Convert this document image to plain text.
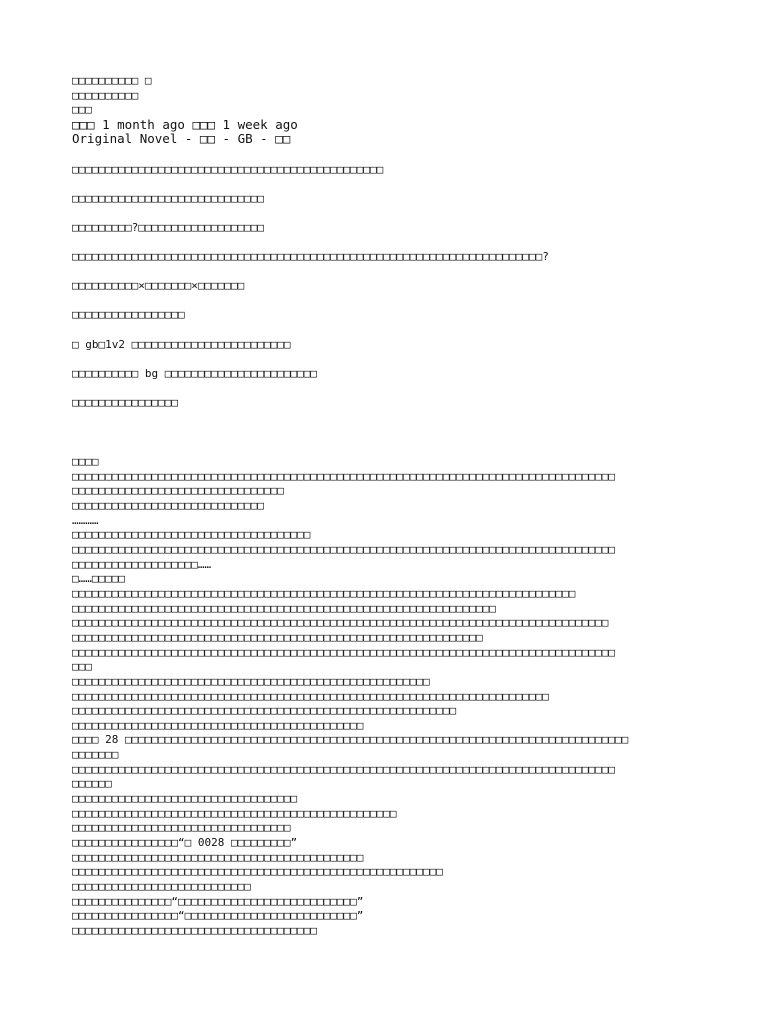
□□□□□□□□□□ □
□□□□□□□□□□
□□□
□□□ 1 month ago □□□ 1 week ago
Original Novel - □□ - GB - □□

□□□□□□□□□□□□□□□□□□□□□□□□□□□□□□□□□□□□□□□□□□□□□□□

□□□□□□□□□□□□□□□□□□□□□□□□□□□□□

□□□□□□□□□?□□□□□□□□□□□□□□□□□□□

□□□□□□□□□□□□□□□□□□□□□□□□□□□□□□□□□□□□□□□□□□□□□□□□□□□□□□□□□□□□□□□□□□□□□□□?

□□□□□□□□□□×□□□□□□□×□□□□□□□

□□□□□□□□□□□□□□□□□

□ gb□1v2 □□□□□□□□□□□□□□□□□□□□□□□□

□□□□□□□□□□ bg □□□□□□□□□□□□□□□□□□□□□□□

□□□□□□□□□□□□□□□□

□□□□
□□□□□□□□□□□□□□□□□□□□□□□□□□□□□□□□□□□□□□□□□□□□□□□□□□□□□□□□□□□□□□□□□□□□□□□□□□□□□□□□□□
□□□□□□□□□□□□□□□□□□□□□□□□□□□□□□□□
□□□□□□□□□□□□□□□□□□□□□□□□□□□□□
…………
□□□□□□□□□□□□□□□□□□□□□□□□□□□□□□□□□□□□
□□□□□□□□□□□□□□□□□□□□□□□□□□□□□□□□□□□□□□□□□□□□□□□□□□□□□□□□□□□□□□□□□□□□□□□□□□□□□□□□□□
□□□□□□□□□□□□□□□□□□□……
□……□□□□□
□□□□□□□□□□□□□□□□□□□□□□□□□□□□□□□□□□□□□□□□□□□□□□□□□□□□□□□□□□□□□□□□□□□□□□□□□□□□
□□□□□□□□□□□□□□□□□□□□□□□□□□□□□□□□□□□□□□□□□□□□□□□□□□□□□□□□□□□□□□□□
□□□□□□□□□□□□□□□□□□□□□□□□□□□□□□□□□□□□□□□□□□□□□□□□□□□□□□□□□□□□□□□□□□□□□□□□□□□□□□□□□
□□□□□□□□□□□□□□□□□□□□□□□□□□□□□□□□□□□□□□□□□□□□□□□□□□□□□□□□□□□□□□
□□□□□□□□□□□□□□□□□□□□□□□□□□□□□□□□□□□□□□□□□□□□□□□□□□□□□□□□□□□□□□□□□□□□□□□□□□□□□□□□□□
□□□
□□□□□□□□□□□□□□□□□□□□□□□□□□□□□□□□□□□□□□□□□□□□□□□□□□□□□□
□□□□□□□□□□□□□□□□□□□□□□□□□□□□□□□□□□□□□□□□□□□□□□□□□□□□□□□□□□□□□□□□□□□□□□□□
□□□□□□□□□□□□□□□□□□□□□□□□□□□□□□□□□□□□□□□□□□□□□□□□□□□□□□□□□□
□□□□□□□□□□□□□□□□□□□□□□□□□□□□□□□□□□□□□□□□□□□□
□□□□ 28 □□□□□□□□□□□□□□□□□□□□□□□□□□□□□□□□□□□□□□□□□□□□□□□□□□□□□□□□□□□□□□□□□□□□□□□□□□□□
□□□□□□□
□□□□□□□□□□□□□□□□□□□□□□□□□□□□□□□□□□□□□□□□□□□□□□□□□□□□□□□□□□□□□□□□□□□□□□□□□□□□□□□□□□
□□□□□□
□□□□□□□□□□□□□□□□□□□□□□□□□□□□□□□□□□
□□□□□□□□□□□□□□□□□□□□□□□□□□□□□□□□□□□□□□□□□□□□□□□□□
□□□□□□□□□□□□□□□□□□□□□□□□□□□□□□□□□
□□□□□□□□□□□□□□□□“□ 0028 □□□□□□□□□”
□□□□□□□□□□□□□□□□□□□□□□□□□□□□□□□□□□□□□□□□□□□□
□□□□□□□□□□□□□□□□□□□□□□□□□□□□□□□□□□□□□□□□□□□□□□□□□□□□□□□□
□□□□□□□□□□□□□□□□□□□□□□□□□□□
□□□□□□□□□□□□□□□“□□□□□□□□□□□□□□□□□□□□□□□□□□□”
□□□□□□□□□□□□□□□□“□□□□□□□□□□□□□□□□□□□□□□□□□□”
□□□□□□□□□□□□□□□□□□□□□□□□□□□□□□□□□□□□□
